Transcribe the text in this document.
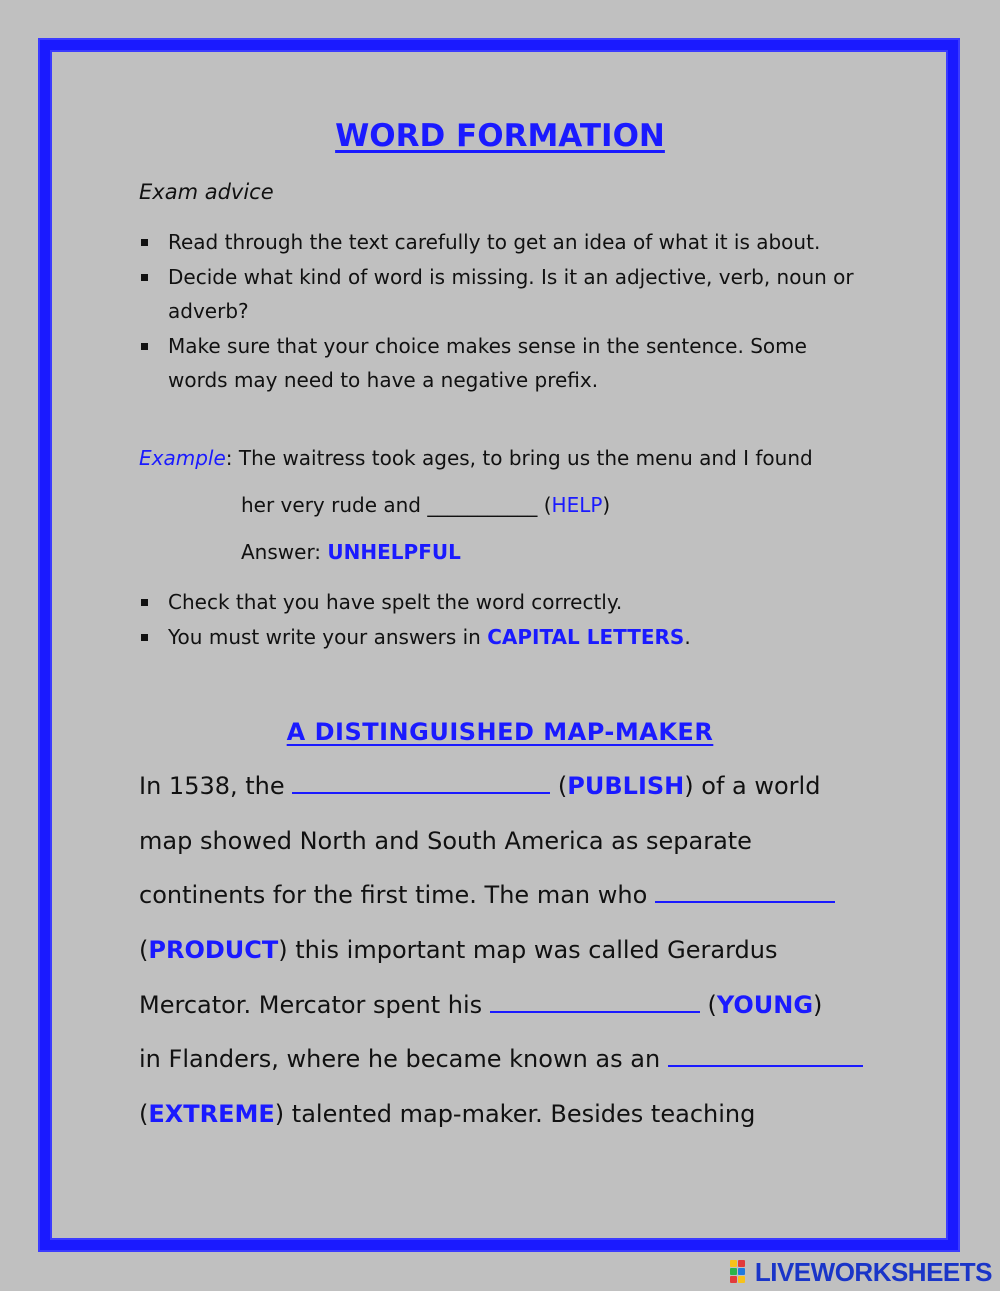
WORD FORMATION
Exam advice
Read through the text carefully to get an idea of what it is about.
Decide what kind of word is missing. Is it an adjective, verb, noun or adverb?
Make sure that your choice makes sense in the sentence. Some words may need to have a negative prefix.
Example: The waitress took ages, to bring us the menu and I found
her very rude and ___________ (HELP)
Answer: UNHELPFUL
Check that you have spelt the word correctly.
You must write your answers in CAPITAL LETTERS.
A DISTINGUISHED MAP-MAKER
In 1538, the	(PUBLISH) of a world
map showed North and South America as separate
continents for the first time. The man who
(PRODUCT) this important map was called Gerardus
Mercator. Mercator spent his	(YOUNG)
in Flanders, where he became known as an
(EXTREME) talented map-maker. Besides teaching
LIVEWORKSHEETS
